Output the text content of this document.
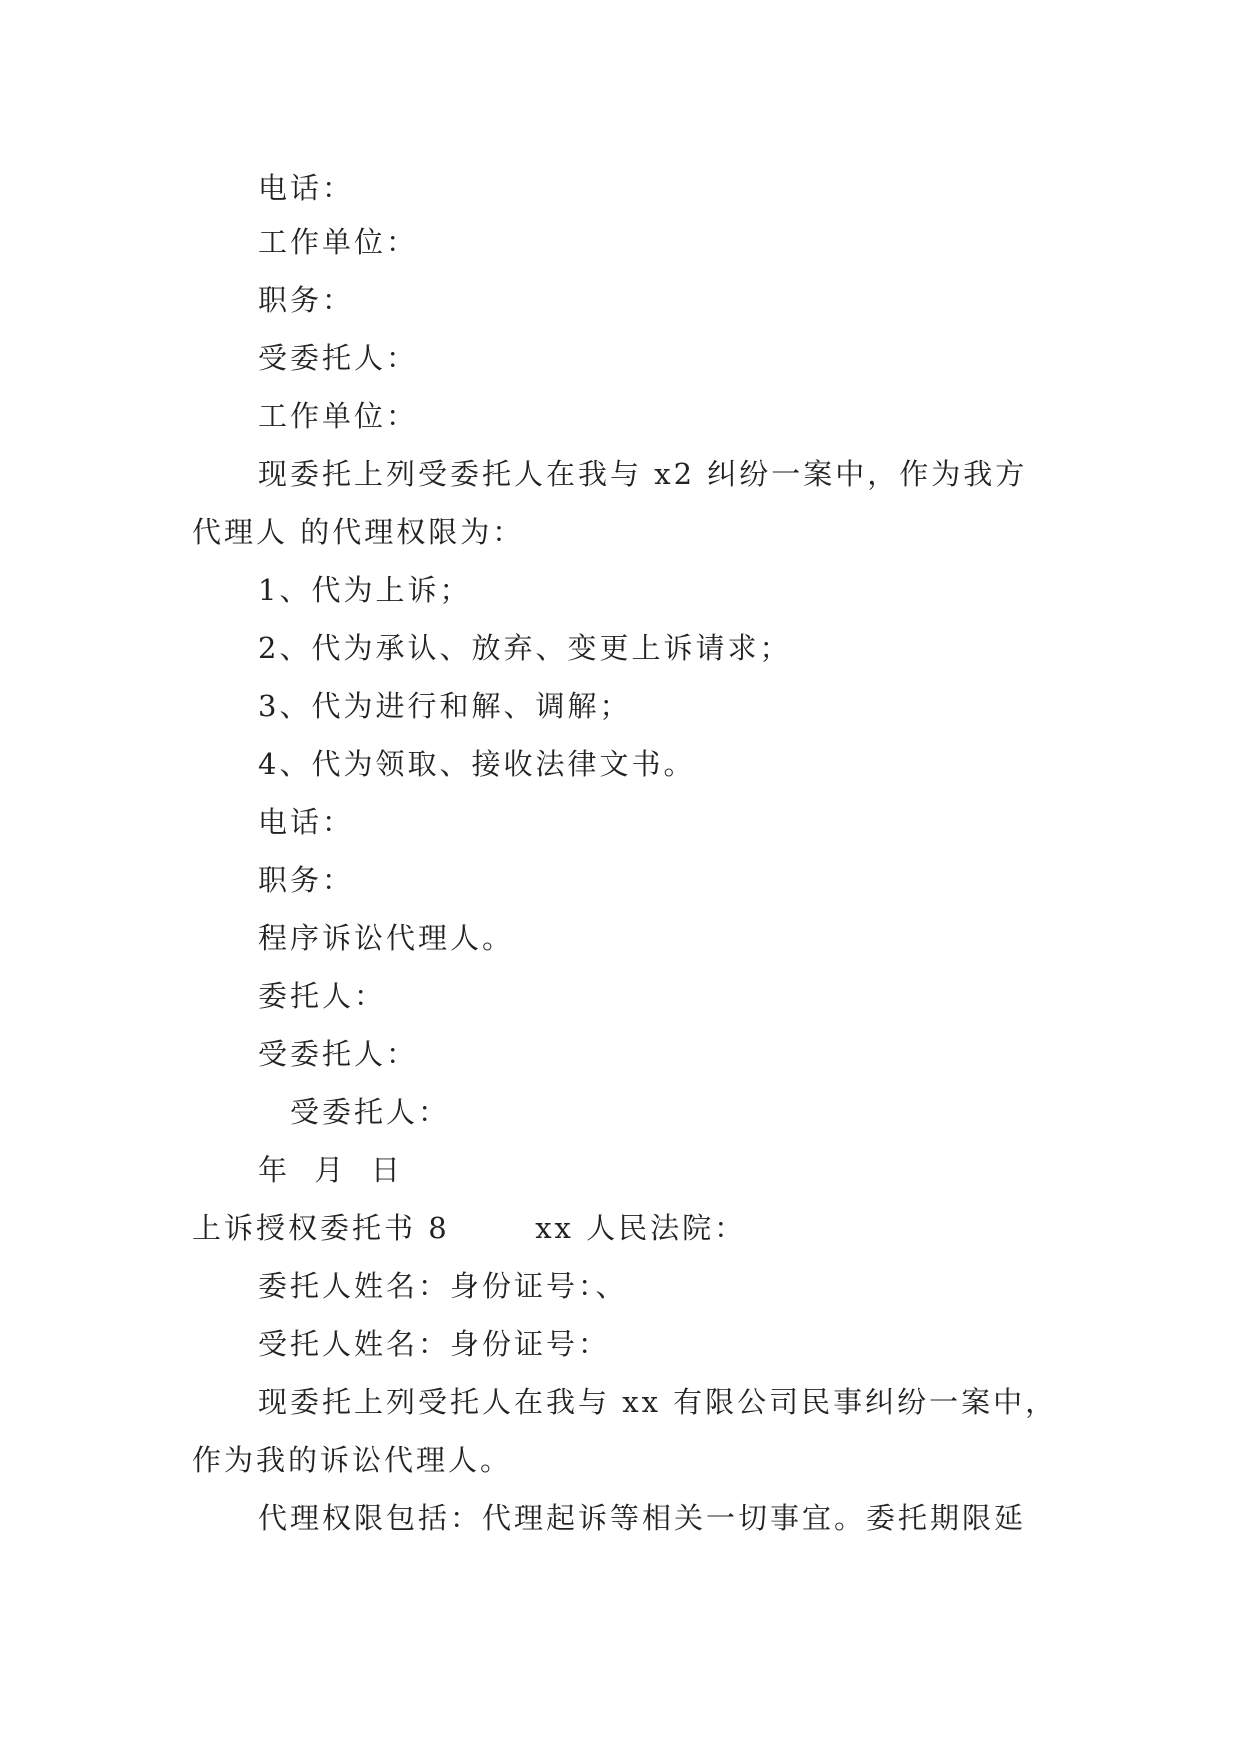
电话：
工作单位：
职务：
受委托人：
工作单位：
现委托上列受委托人在我与 x2 纠纷一案中，作为我方
代理人 的代理权限为：
1、代为上诉；
2、代为承认、放弃、变更上诉请求；
3、代为进行和解、调解；
4、代为领取、接收法律文书。
电话：
职务：
程序诉讼代理人。
委托人：
受委托人：
受委托人：
年  月  日
上诉授权委托书 8       xx 人民法院：
委托人姓名：身份证号：、
受托人姓名：身份证号：
现委托上列受托人在我与 xx 有限公司民事纠纷一案中，
作为我的诉讼代理人。
代理权限包括：代理起诉等相关一切事宜。委托期限延
